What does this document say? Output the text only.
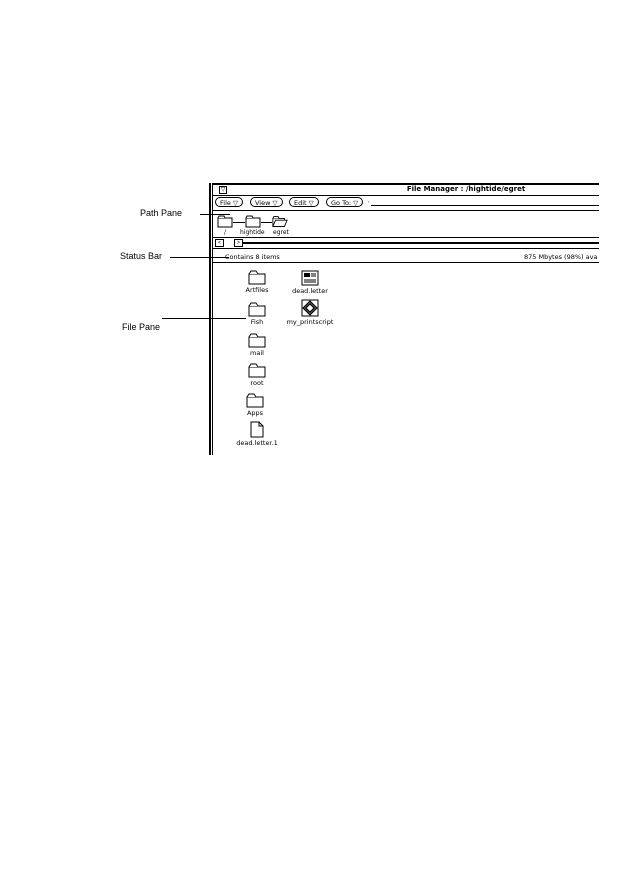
Path Pane
Status Bar
File Pane
▽	File Manager : /hightide/egret
File ▽	View ▽	Edit ▽	Go To: ▽
,
/ hightide egret
<	>
Contains 8 items	875 Mbytes (98%) ava
Artfiles	dead.letter
Fish	my_printscript
mail
root
Apps
dead.letter.1
